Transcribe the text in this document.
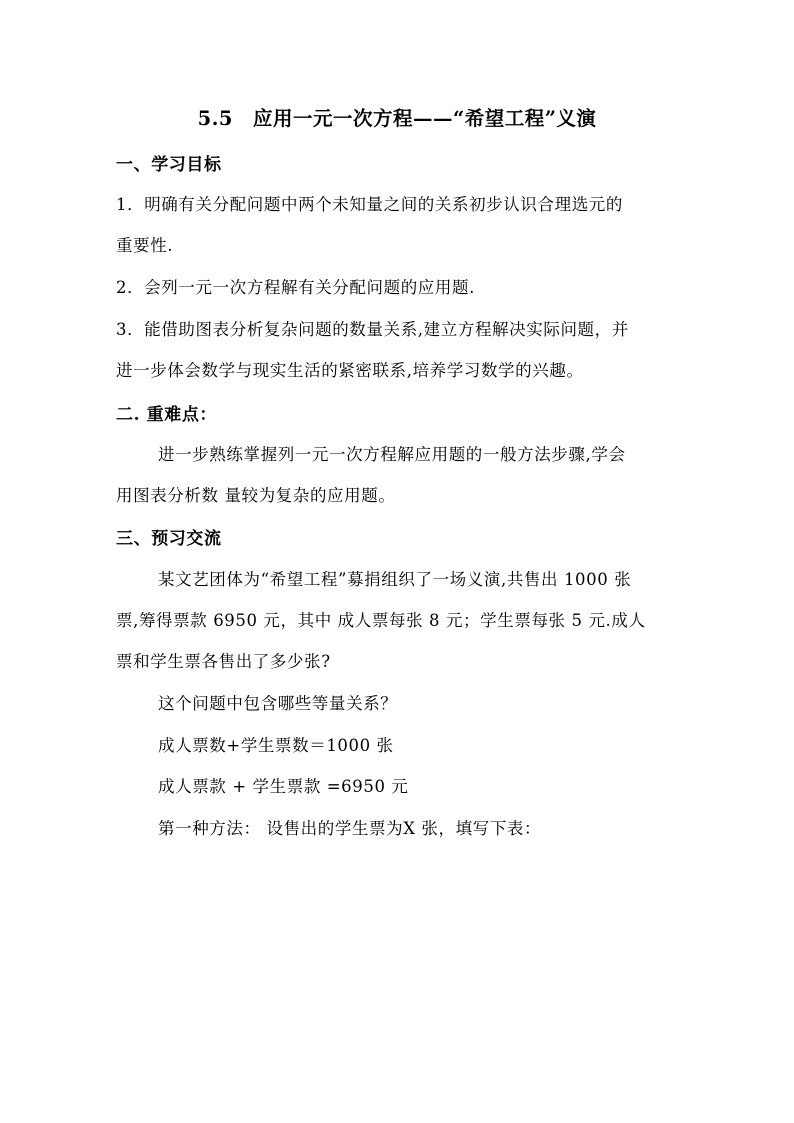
5.5　应用一元一次方程——“希望工程”义演
一、学习目标
1．明确有关分配问题中两个未知量之间的关系初步认识合理选元的
重要性.
2．会列一元一次方程解有关分配问题的应用题.
3．能借助图表分析复杂问题的数量关系,建立方程解决实际问题，并
进一步体会数学与现实生活的紧密联系,培养学习数学的兴趣。
二. 重难点：
进一步熟练掌握列一元一次方程解应用题的一般方法步骤,学会
用图表分析数 量较为复杂的应用题。
三、预习交流
某文艺团体为“希望工程”募捐组织了一场义演,共售出 1000 张
票,筹得票款 6950 元，其中 成人票每张 8 元；学生票每张 5 元.成人
票和学生票各售出了多少张?
这个问题中包含哪些等量关系？
成人票数+学生票数＝1000 张
成人票款 + 学生票款 =6950 元
第一种方法： 设售出的学生票为X 张，填写下表：
